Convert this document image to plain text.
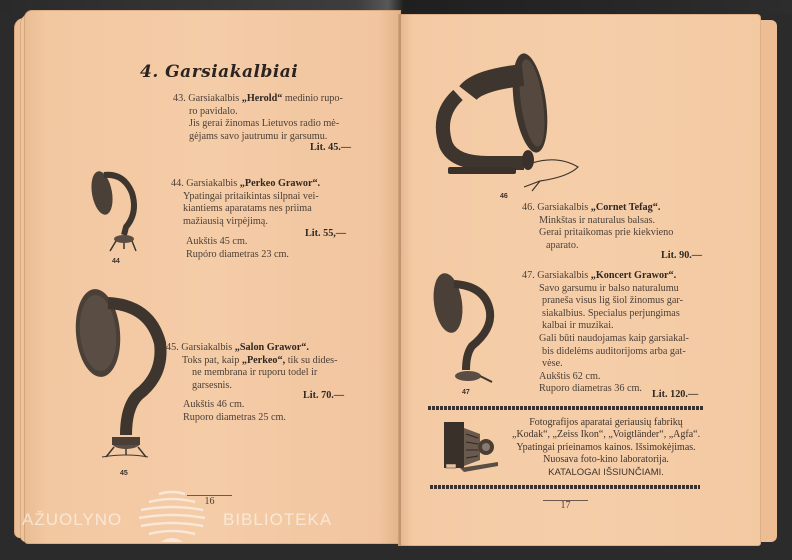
4. Garsiakalbiai
43. Garsiakalbis „Herold“ medinio rupo-
ro pavidalo.
Jis gerai žinomas Lietuvos radio mė-
gėjams savo jautrumu ir garsumu.
Lit. 45.—
44
44. Garsiakalbis „Perkeo Grawor“.
Ypatingai pritaikintas silpnai vei-
kiantiems aparatams nes priima
mažiausią virpėjimą.
Lit. 55,—
Aukštis 45 cm.
Rupóro diametras 23 cm.
45
45. Garsiakalbis „Salon Grawor“.
Toks pat, kaip „Perkeo“, tik su dides-
ne membrana ir ruporu todel ir
garsesnis.
Lit. 70.—
Aukštis 46 cm.
Ruporo diametras 25 cm.
16
46
46. Garsiakalbis „Cornet Tefag“.
Minkštas ir naturalus balsas.
Gerai pritaikomas prie kiekvieno
aparato.
Lit. 90.—
47
47. Garsiakalbis „Koncert Grawor“.
Savo garsumu ir balso naturalumu
praneša visus lig šiol žinomus gar-
siakalbius. Specialus perjungimas
kalbai ir muzikai.
Gali būti naudojamas kaip garsiakal-
bis didelėms auditorijoms arba gat-
vėse.
Aukštis 62 cm.
Ruporo diametras 36 cm.
Lit. 120.—
Fotografijos aparatai geriausių fabrikų
„Kodak“, „Zeiss Ikon“, „Voigtländer“, „Agfa“.
Ypatingai prieinamos kainos. Išsimokėjimas.
Nuosava foto-kino laboratorija.
KATALOGAI IŠSIUNČIAMI.
17
AŽUOLYNO	BIBLIOTEKA
